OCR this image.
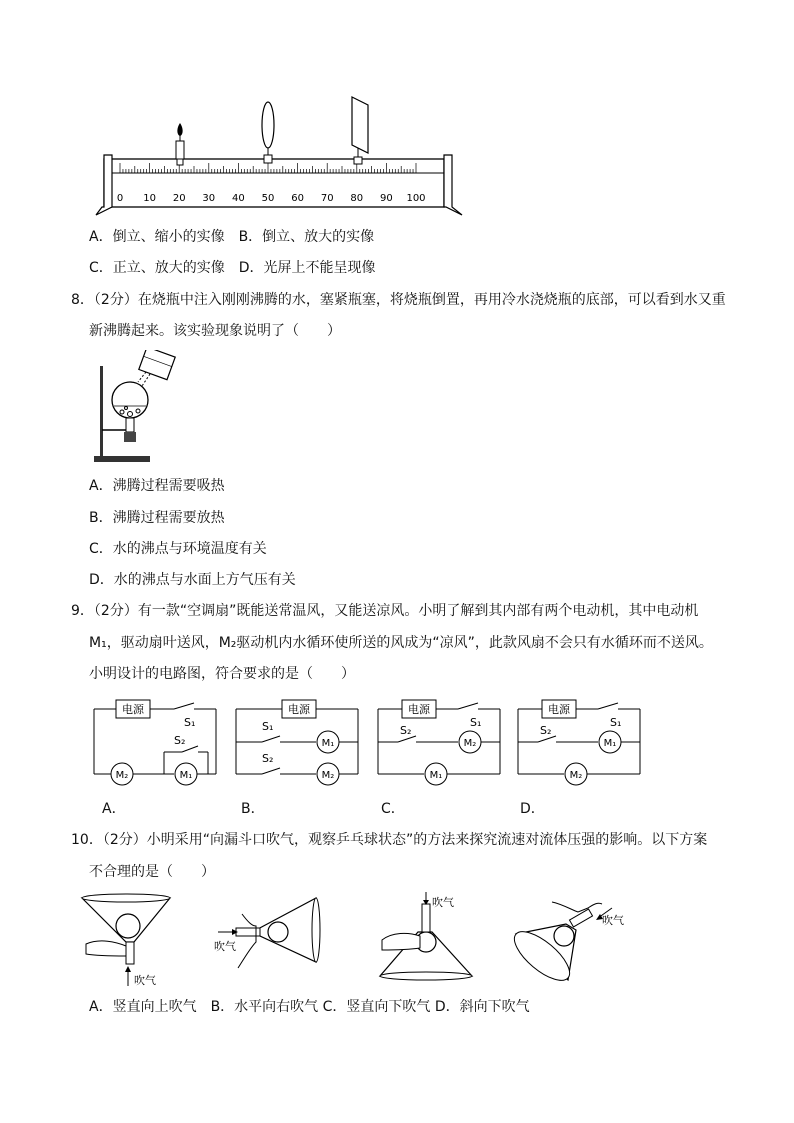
0 10 20 30 40 50 60 70 80 90 100
A．倒立、缩小的实像　B．倒立、放大的实像
C．正立、放大的实像　D．光屏上不能呈现像
8．（2分）在烧瓶中注入刚刚沸腾的水，塞紧瓶塞，将烧瓶倒置，再用冷水浇烧瓶的底部，可以看到水又重
新沸腾起来。该实验现象说明了（　　）
A．沸腾过程需要吸热
B．沸腾过程需要放热
C．水的沸点与环境温度有关
D．水的沸点与水面上方气压有关
9．（2分）有一款“空调扇”既能送常温风，又能送凉风。小明了解到其内部有两个电动机，其中电动机
M₁，驱动扇叶送风，M₂驱动机内水循环使所送的风成为“凉风”，此款风扇不会只有水循环而不送风。
小明设计的电路图，符合要求的是（　　）
电源
S₁
M₂	M₁
S₂
电源
S₁
M₁
S₂
M₂
电源
S₁
S₂
M₂
M₁
电源
S₁
S₂
M₁
M₂
A．	B．	C．	D．
10．（2分）小明采用“向漏斗口吹气，观察乒乓球状态”的方法来探究流速对流体压强的影响。以下方案
不合理的是（　　）
吹气
吹气
吹气
吹气
A．竖直向上吹气　B．水平向右吹气 C．竖直向下吹气 D．斜向下吹气
